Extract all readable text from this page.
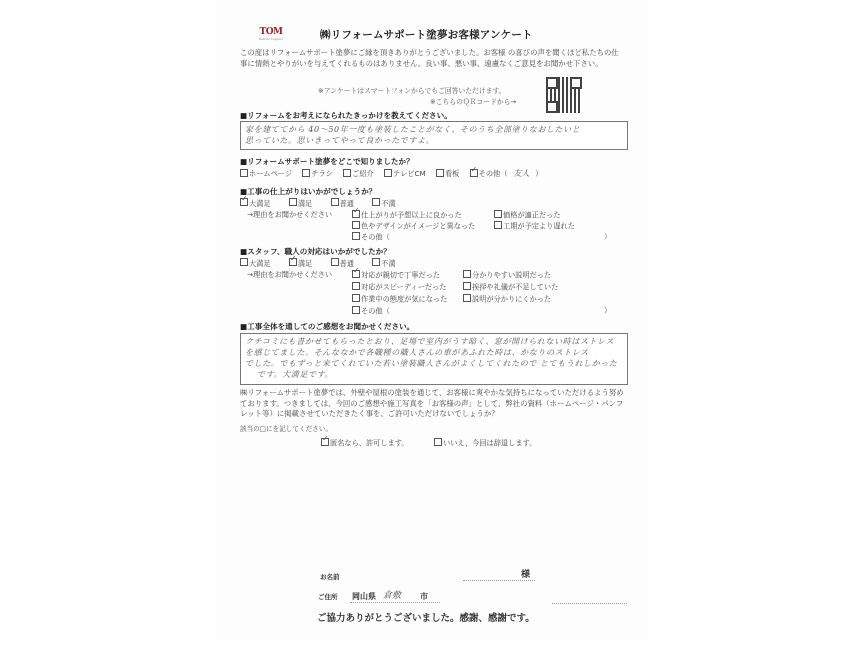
TOM
Reform Support	㈱リフォームサポート塗夢お客様アンケート
この度はリフォームサポート塗夢にご縁を頂きありがとうございました。お客様 の喜びの声を聞くほど私たちの仕事に情熱とやりがいを与えてくれるものはありません。良い事、悪い事、遠慮なくご意見をお聞かせ下さい。
※アンケートはスマートフォンからでもご回答いただけます。
※こちらのＱＲコードから→
■リフォームをお考えになられたきっかけを教えてください。
家を建ててから 40～50年一度も塗装したことがなく、そのうち全部塗りなおしたいと
思っていた。思いきってやって良かったですよ。
■リフォームサポート塗夢をどこで知りましたか？
ホームページ	チラシ	ご紹介	テレビCM	看板 ✓	その他（ 友人 ）
■工事の仕上がりはいかがでしょうか？
✓大満足	満足	普通	不満
→理由をお聞かせください ✓	仕上がりが予想以上に良かった	価格が適正だった
色やデザインがイメージと異なった	工期が予定より遅れた
その他（	）
■スタッフ、職人の対応はいかがでしたか？
大満足 ✓	満足	普通	不満
→理由をお聞かせください ✓	対応が親切で丁寧だった	分かりやすい説明だった
対応がスピーディーだった	挨拶や礼儀が不足していた
作業中の態度が気になった	説明が分かりにくかった
その他（	）
■工事全体を通してのご感想をお聞かせください。
クチコミにも書かせてもらったとおり、足場で室内がうす暗く、窓が開けられない時はストレス
を感じてました。そんななかで各職種の職人さんの車があふれた時は、かなりのストレス
でした。でもずっと来てくれていた若い塗装職人さんがよくしてくれたので とてもうれしかった
です。大満足です。
㈱リフォームサポート塗夢では、外壁や屋根の塗装を通じて、お客様に爽やかな気持ちになっていただけるよう努めております。つきましては、今回のご感想や施工写真を「お客様の声」として、弊社の資料（ホームページ・パンフレット等）に掲載させていただきたく事を、ご許可いただけないでしょうか？
該当の□にを記してください。
✓匿名なら、許可します。	いいえ、今回は辞退します。
お名前	様
ご住所 岡山県 倉敷 市
ご協力ありがとうございました。感謝、感謝です。
